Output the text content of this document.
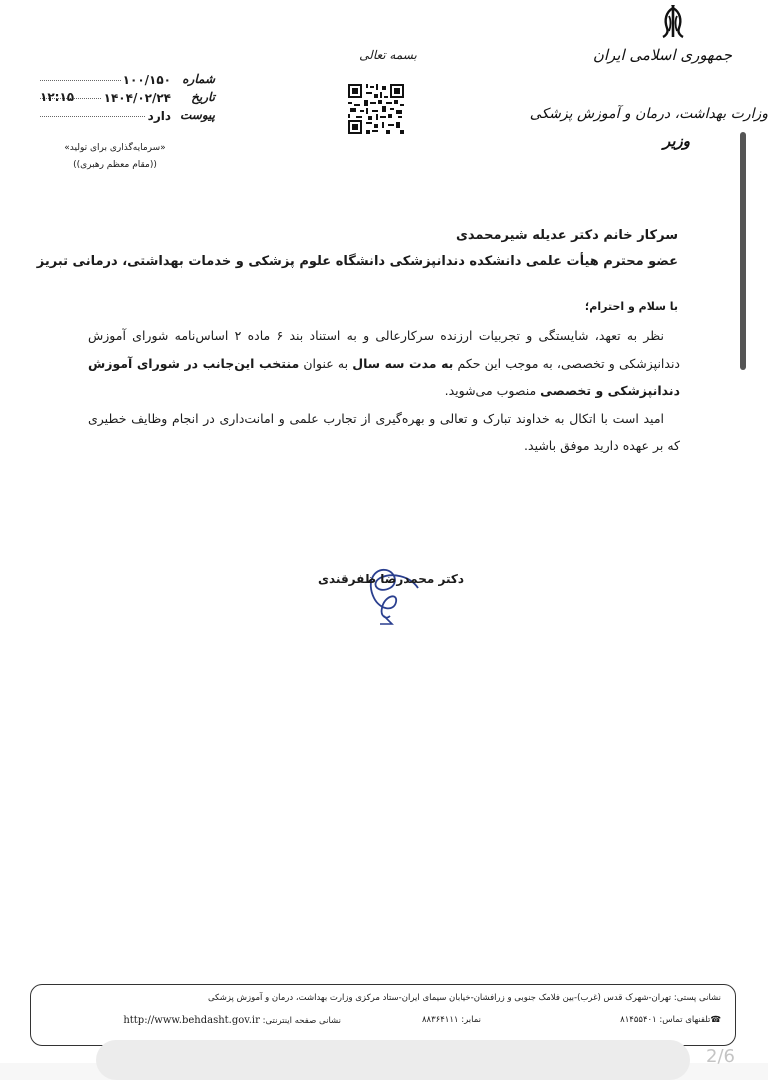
جمهوری اسلامی ایران
وزارت بهداشت، درمان و آموزش پزشکی
وزیر
بسمه تعالی
شماره
۱۰۰/۱۵۰
تاریخ
۱۴۰۴/۰۲/۲۴
پیوست
دارد
۱۲:۱۵
«سرمایه‌گذاری برای تولید»
((مقام معظم رهبری))
سرکار خانم دکتر عدیله شیرمحمدی
عضو محترم هیأت علمی دانشکده دندانپزشکی دانشگاه علوم پزشکی و خدمات بهداشتی، درمانی تبریز
با سلام و احترام؛

نظر به تعهد، شایستگی و تجربیات ارزنده سرکارعالی و به استناد بند ۶ ماده ۲ اساس‌نامه شورای آموزش دندانپزشکی و تخصصی، به موجب این حکم به مدت سه سال به عنوان منتخب این‌جانب در شورای آموزش دندانپزشکی و تخصصی منصوب می‌شوید.

امید است با اتکال به خداوند تبارک و تعالی و بهره‌گیری از تجارب علمی و امانت‌داری در انجام وظایف خطیری که بر عهده دارید موفق باشید.

دکتر محمدرضا ظفرقندی
نشانی پستی: تهران-شهرک قدس (غرب)-بین فلامک جنوبی و زرافشان-خیابان سیمای ایران-ستاد مرکزی وزارت بهداشت، درمان و آموزش پزشکی
☎تلفنهای تماس: ۸۱۴۵۵۴۰۱
نمابر: ۸۸۳۶۴۱۱۱
نشانی صفحه اینترنتی: http://www.behdasht.gov.ir
2/6
